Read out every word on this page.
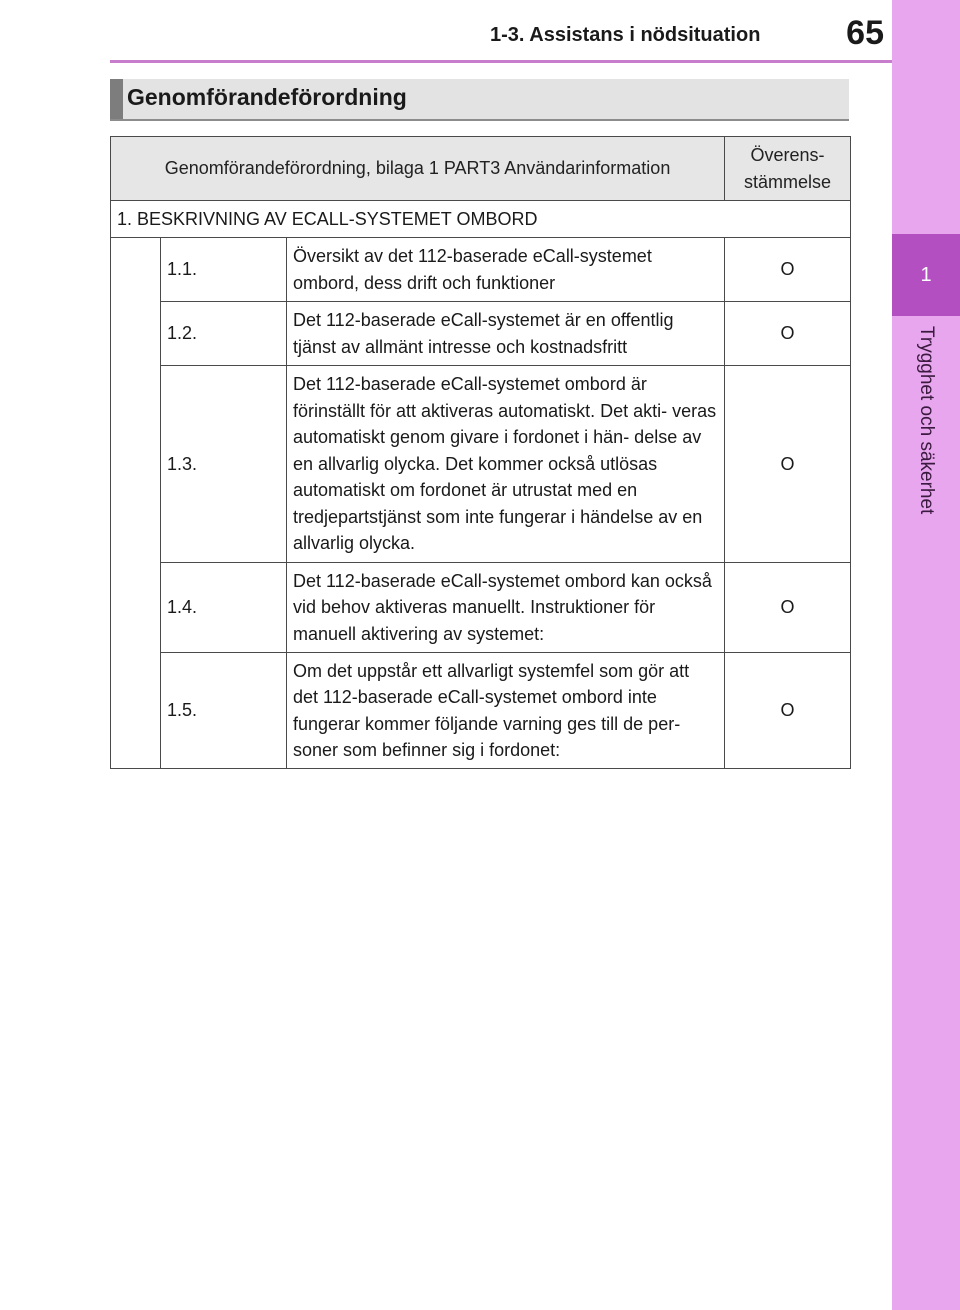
1-3. Assistans i nödsituation	65
1
Trygghet och säkerhet
Genomförandeförordning
Genomförandeförordning, bilaga 1 PART3 Användarinformation			Överens-
stämmelse
1. BESKRIVNING AV ECALL-SYSTEMET OMBORD			
	1.1.	Översikt av det 112-baserade eCall-systemet ombord, dess drift och funktioner	O
	1.2.	Det 112-baserade eCall-systemet är en offentlig tjänst av allmänt intresse och kostnadsfritt	O
	1.3.	Det 112-baserade eCall-systemet ombord är förinställt för att aktiveras automatiskt. Det akti- veras automatiskt genom givare i fordonet i hän- delse av en allvarlig olycka. Det kommer också utlösas automatiskt om fordonet är utrustat med en tredjepartstjänst som inte fungerar i händelse av en allvarlig olycka.	O
	1.4.	Det 112-baserade eCall-systemet ombord kan också vid behov aktiveras manuellt. Instruktioner för manuell aktivering av systemet:	O
	1.5.	Om det uppstår ett allvarligt systemfel som gör att det 112-baserade eCall-systemet ombord inte fungerar kommer följande varning ges till de per- soner som befinner sig i fordonet:	O
